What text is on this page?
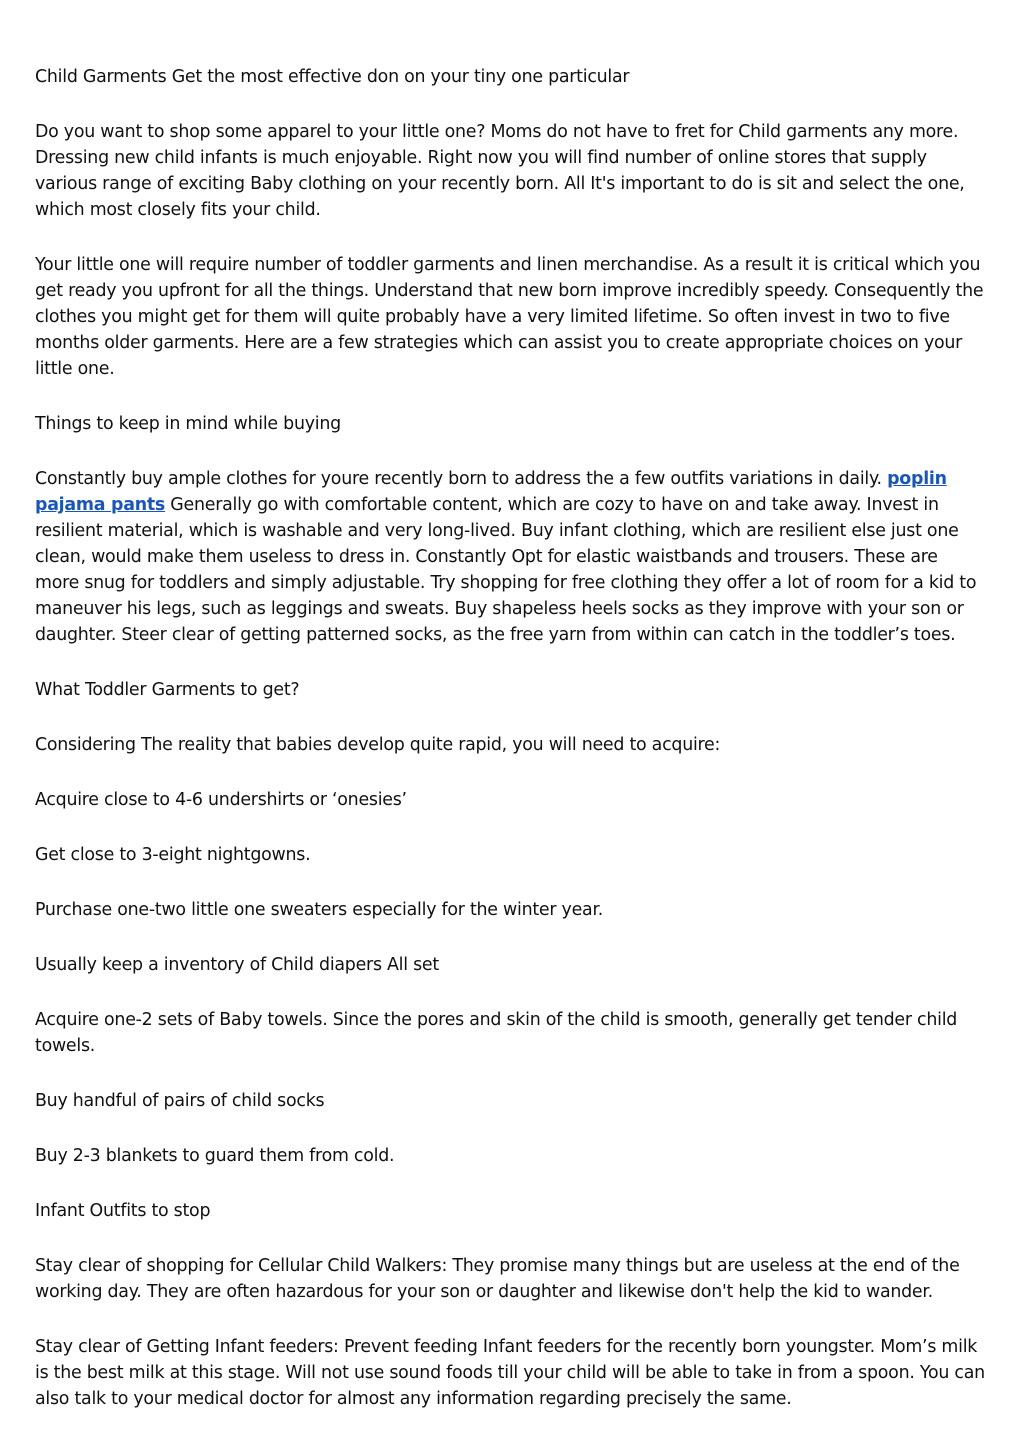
Child Garments Get the most effective don on your tiny one particular

Do you want to shop some apparel to your little one? Moms do not have to fret for Child garments any more. Dressing new child infants is much enjoyable. Right now you will find number of online stores that supply various range of exciting Baby clothing on your recently born. All It's important to do is sit and select the one, which most closely fits your child.

Your little one will require number of toddler garments and linen merchandise. As a result it is critical which you get ready you upfront for all the things. Understand that new born improve incredibly speedy. Consequently the clothes you might get for them will quite probably have a very limited lifetime. So often invest in two to five months older garments. Here are a few strategies which can assist you to create appropriate choices on your little one.

Things to keep in mind while buying

Constantly buy ample clothes for youre recently born to address the a few outfits variations in daily. poplin pajama pants Generally go with comfortable content, which are cozy to have on and take away. Invest in resilient material, which is washable and very long-lived. Buy infant clothing, which are resilient else just one clean, would make them useless to dress in. Constantly Opt for elastic waistbands and trousers. These are more snug for toddlers and simply adjustable. Try shopping for free clothing they offer a lot of room for a kid to maneuver his legs, such as leggings and sweats. Buy shapeless heels socks as they improve with your son or daughter. Steer clear of getting patterned socks, as the free yarn from within can catch in the toddler’s toes.

What Toddler Garments to get?

Considering The reality that babies develop quite rapid, you will need to acquire:

Acquire close to 4-6 undershirts or ‘onesies’

Get close to 3-eight nightgowns.

Purchase one-two little one sweaters especially for the winter year.

Usually keep a inventory of Child diapers All set

Acquire one-2 sets of Baby towels. Since the pores and skin of the child is smooth, generally get tender child towels.

Buy handful of pairs of child socks

Buy 2-3 blankets to guard them from cold.

Infant Outfits to stop

Stay clear of shopping for Cellular Child Walkers: They promise many things but are useless at the end of the working day. They are often hazardous for your son or daughter and likewise don't help the kid to wander.

Stay clear of Getting Infant feeders: Prevent feeding Infant feeders for the recently born youngster. Mom’s milk is the best milk at this stage. Will not use sound foods till your child will be able to take in from a spoon. You can also talk to your medical doctor for almost any information regarding precisely the same.
